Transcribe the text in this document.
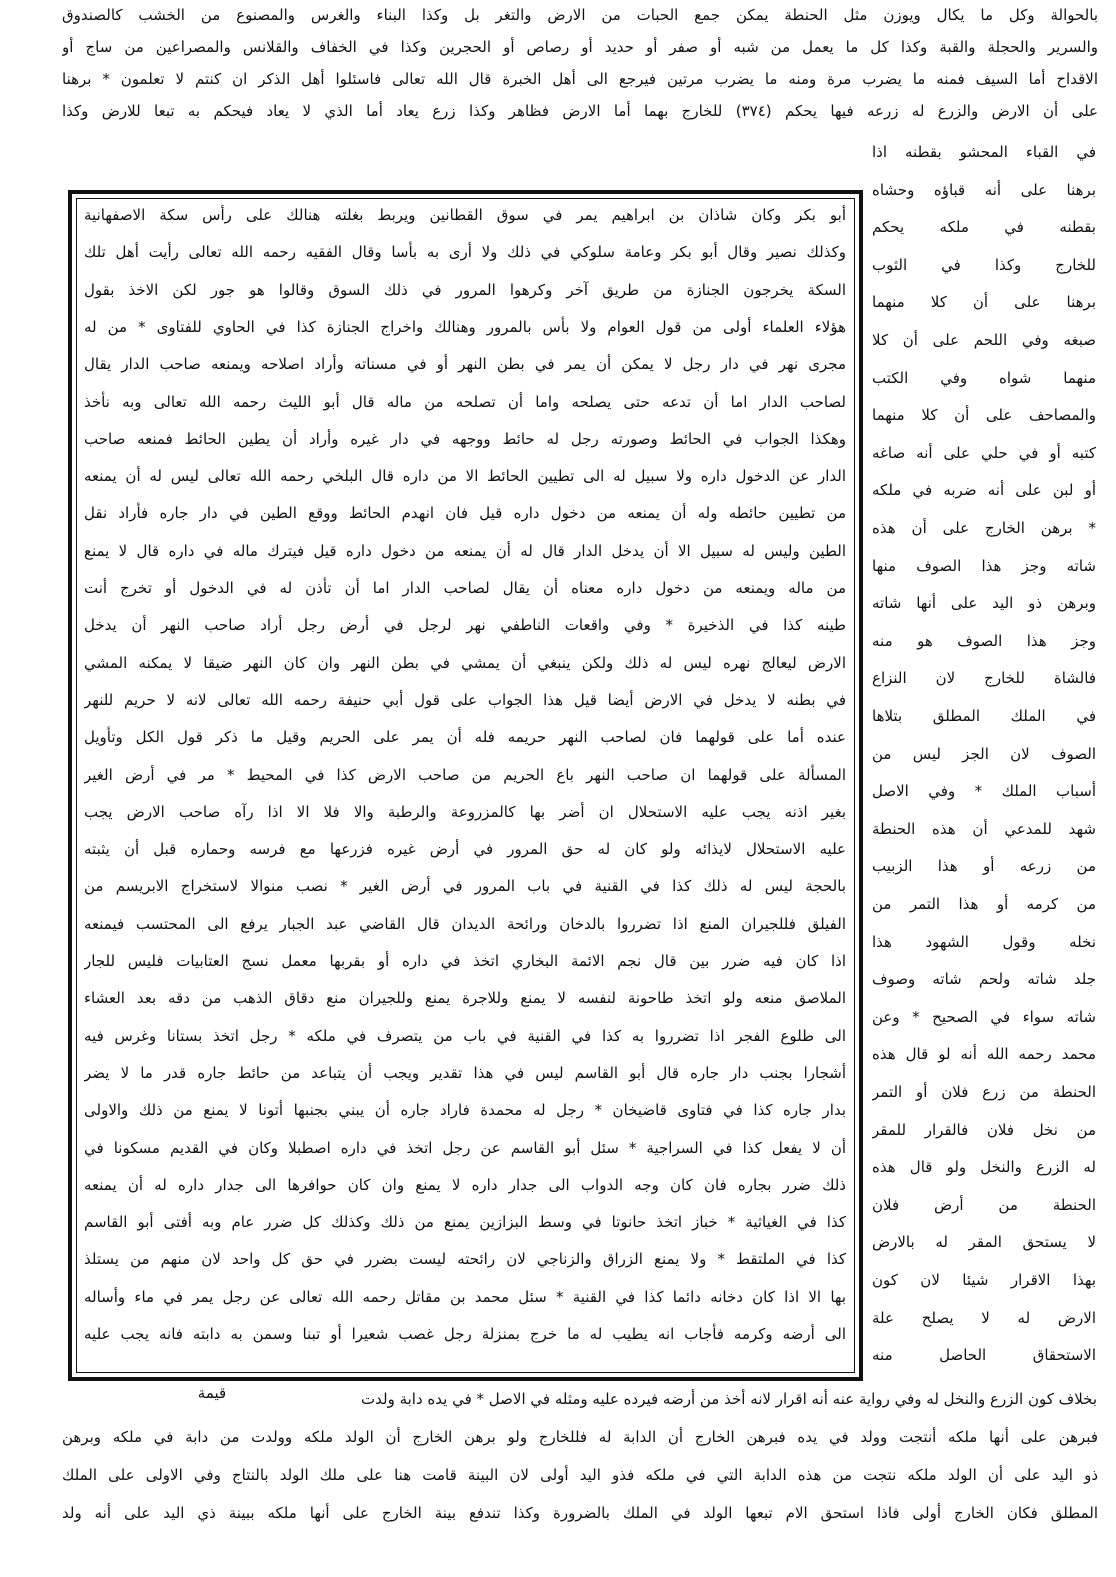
بالحوالة وكل ما يكال ويوزن مثل الحنطة يمكن جمع الحبات من الارض والتغر بل وكذا البناء والغرس والمصنوع من الخشب كالصندوق
والسرير والحجلة والقبة وكذا كل ما يعمل من شبه أو صفر أو حديد أو رصاص أو الحجرين وكذا في الخفاف والقلانس والمصراعين من ساج أو
الاقداح أما السيف فمنه ما يضرب مرة ومنه ما يضرب مرتين فيرجع الى أهل الخبرة قال الله تعالى فاسئلوا أهل الذكر ان كنتم لا تعلمون * برهنا
على أن الارض والزرع له زرعه فيها يحكم (٣٧٤) للخارج بهما أما الارض فظاهر وكذا زرع يعاد أما الذي لا يعاد فيحكم به تبعا للارض وكذا
في القباء المحشو بقطنه اذا
برهنا على أنه قباؤه وحشاه
بقطنه في ملكه يحكم
للخارج وكذا في الثوب
برهنا على أن كلا منهما
صبغه وفي اللحم على أن كلا
منهما شواه وفي الكتب
والمصاحف على أن كلا منهما
كتبه أو في حلي على أنه صاغه
أو لبن على أنه ضربه في ملكه
* برهن الخارج على أن هذه
شاته وجز هذا الصوف منها
وبرهن ذو اليد على أنها شاته
وجز هذا الصوف هو منه
فالشاة للخارج لان النزاع
في الملك المطلق بتلاها
الصوف لان الجز ليس من
أسباب الملك * وفي الاصل
شهد للمدعي أن هذه الحنطة
من زرعه أو هذا الزبيب
من كرمه أو هذا التمر من
نخله وقول الشهود هذا
جلد شاته ولحم شاته وصوف
شاته سواء في الصحيح * وعن
محمد رحمه الله أنه لو قال هذه
الحنطة من زرع فلان أو التمر
من نخل فلان فالقرار للمقر
له الزرع والنخل ولو قال هذه
الحنطة من أرض فلان
لا يستحق المقر له بالارض
بهذا الاقرار شيئا لان كون
الارض له لا يصلح علة
الاستحقاق الحاصل منه
أبو بكر وكان شاذان بن ابراهيم يمر في سوق القطانين ويربط بغلته هنالك على رأس سكة الاصفهانية
وكذلك نصير وقال أبو بكر وعامة سلوكي في ذلك ولا أرى به بأسا وقال الفقيه رحمه الله تعالى رأيت أهل تلك
السكة يخرجون الجنازة من طريق آخر وكرهوا المرور في ذلك السوق وقالوا هو جور لكن الاخذ بقول
هؤلاء العلماء أولى من قول العوام ولا بأس بالمرور وهنالك واخراج الجنازة كذا في الحاوي للفتاوى * من له
مجرى نهر في دار رجل لا يمكن أن يمر في بطن النهر أو في مسناته وأراد اصلاحه ويمنعه صاحب الدار يقال
لصاحب الدار اما أن تدعه حتى يصلحه واما أن تصلحه من ماله قال أبو الليث رحمه الله تعالى وبه نأخذ
وهكذا الجواب في الحائط وصورته رجل له حائط ووجهه في دار غيره وأراد أن يطين الحائط فمنعه صاحب
الدار عن الدخول داره ولا سبيل له الى تطيين الحائط الا من داره قال البلخي رحمه الله تعالى ليس له أن يمنعه
من تطيين حائطه وله أن يمنعه من دخول داره قيل فان انهدم الحائط ووقع الطين في دار جاره فأراد نقل
الطين وليس له سبيل الا أن يدخل الدار قال له أن يمنعه من دخول داره قيل فيترك ماله في داره قال لا يمنع
من ماله ويمنعه من دخول داره معناه أن يقال لصاحب الدار اما أن تأذن له في الدخول أو تخرج أنت
طينه كذا في الذخيرة * وفي واقعات الناطفي نهر لرجل في أرض رجل أراد صاحب النهر أن يدخل
الارض ليعالج نهره ليس له ذلك ولكن ينبغي أن يمشي في بطن النهر وان كان النهر ضيقا لا يمكنه المشي
في بطنه لا يدخل في الارض أيضا قيل هذا الجواب على قول أبي حنيفة رحمه الله تعالى لانه لا حريم للنهر
عنده أما على قولهما فان لصاحب النهر حريمه فله أن يمر على الحريم وقيل ما ذكر قول الكل وتأويل
المسألة على قولهما ان صاحب النهر باع الحريم من صاحب الارض كذا في المحيط * مر في أرض الغير
بغير اذنه يجب عليه الاستحلال ان أضر بها كالمزروعة والرطبة والا فلا الا اذا رآه صاحب الارض يجب
عليه الاستحلال لايذائه ولو كان له حق المرور في أرض غيره فزرعها مع فرسه وحماره قبل أن يثبته
بالحجة ليس له ذلك كذا في القنية في باب المرور في أرض الغير * نصب منوالا لاستخراج الابريسم من
الفيلق فللجيران المنع اذا تضرروا بالدخان ورائحة الديدان قال القاضي عبد الجبار يرفع الى المحتسب فيمنعه
اذا كان فيه ضرر بين قال نجم الائمة البخاري اتخذ في داره أو بقربها معمل نسج العتابيات فليس للجار
الملاصق منعه ولو اتخذ طاحونة لنفسه لا يمنع وللاجرة يمنع وللجيران منع دقاق الذهب من دقه بعد العشاء
الى طلوع الفجر اذا تضرروا به كذا في القنية في باب من يتصرف في ملكه * رجل اتخذ بستانا وغرس فيه
أشجارا بجنب دار جاره قال أبو القاسم ليس في هذا تقدير ويجب أن يتباعد من حائط جاره قدر ما لا يضر
بدار جاره كذا في فتاوى قاضيخان * رجل له محمدة فاراد جاره أن يبني بجنبها أتونا لا يمنع من ذلك والاولى
أن لا يفعل كذا في السراجية * سئل أبو القاسم عن رجل اتخذ في داره اصطبلا وكان في القديم مسكونا في
ذلك ضرر بجاره فان كان وجه الدواب الى جدار داره لا يمنع وان كان حوافرها الى جدار داره له أن يمنعه
كذا في الغياثية * خباز اتخذ حانوتا في وسط البزازين يمنع من ذلك وكذلك كل ضرر عام وبه أفتى أبو القاسم
كذا في الملتقط * ولا يمنع الزراق والزناجي لان رائحته ليست بضرر في حق كل واحد لان منهم من يستلذ
بها الا اذا كان دخانه دائما كذا في القنية * سئل محمد بن مقاتل رحمه الله تعالى عن رجل يمر في ماء وأساله
الى أرضه وكرمه فأجاب انه يطيب له ما خرج بمنزلة رجل غصب شعيرا أو تبنا وسمن به دابته فانه يجب عليه
بخلاف كون الزرع والنخل له وفي رواية عنه أنه اقرار لانه أخذ من أرضه فيرده عليه ومثله في الاصل * في يده دابة ولدت
قيمة
فبرهن على أنها ملكه أنتجت وولد في يده فبرهن الخارج أن الدابة له فللخارج ولو برهن الخارج أن الولد ملكه وولدت من دابة في ملكه وبرهن
ذو اليد على أن الولد ملكه نتجت من هذه الدابة التي في ملكه فذو اليد أولى لان البينة قامت هنا على ملك الولد بالنتاج وفي الاولى على الملك
المطلق فكان الخارج أولى فاذا استحق الام تبعها الولد في الملك بالضرورة وكذا تندفع بينة الخارج على أنها ملكه ببينة ذي اليد على أنه ولد
